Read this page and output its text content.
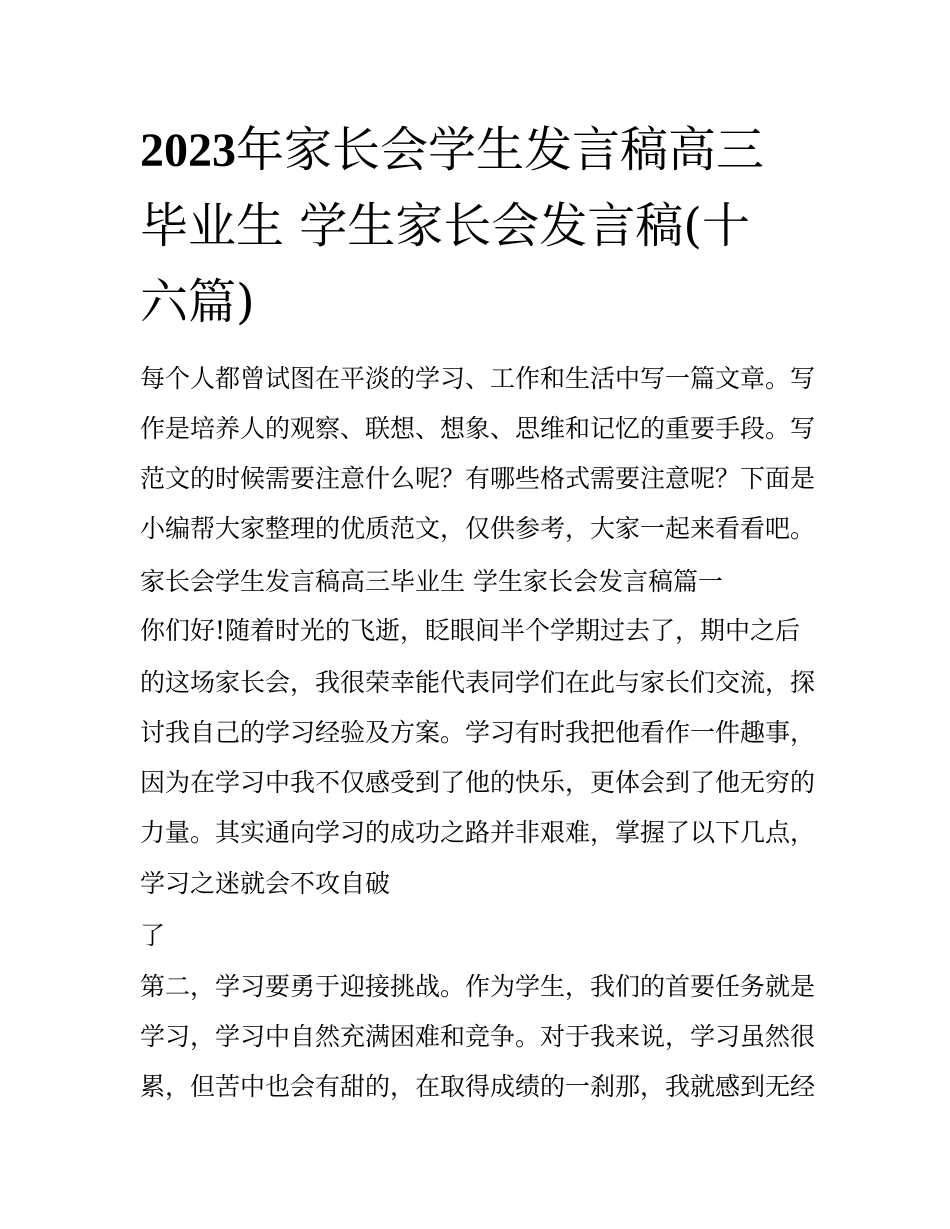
2023年家长会学生发言稿高三
毕业生 学生家长会发言稿(十
六篇)
每个人都曾试图在平淡的学习、工作和生活中写一篇文章。写
作是培养人的观察、联想、想象、思维和记忆的重要手段。写
范文的时候需要注意什么呢？有哪些格式需要注意呢？下面是
小编帮大家整理的优质范文，仅供参考，大家一起来看看吧。
家长会学生发言稿高三毕业生 学生家长会发言稿篇一
你们好!随着时光的飞逝，眨眼间半个学期过去了，期中之后
的这场家长会，我很荣幸能代表同学们在此与家长们交流，探
讨我自己的学习经验及方案。学习有时我把他看作一件趣事，
因为在学习中我不仅感受到了他的快乐，更体会到了他无穷的
力量。其实通向学习的成功之路并非艰难，掌握了以下几点，
学习之迷就会不攻自破
了
第二，学习要勇于迎接挑战。作为学生，我们的首要任务就是
学习，学习中自然充满困难和竞争。对于我来说，学习虽然很
累，但苦中也会有甜的，在取得成绩的一刹那，我就感到无经
